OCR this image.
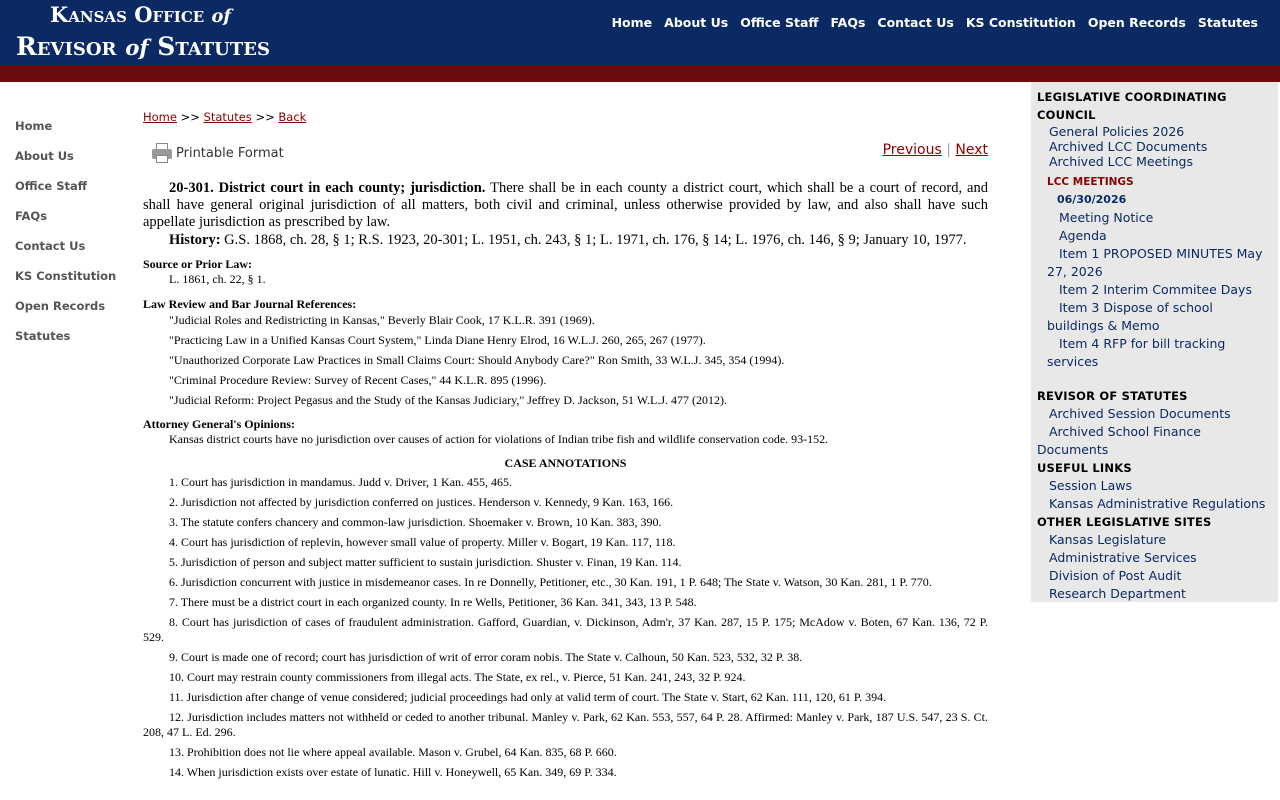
Kansas Office of
Revisor of Statutes
Home About Us Office Staff FAQs Contact Us KS Constitution Open Records Statutes
Home
About Us
Office Staff
FAQs
Contact Us
KS Constitution
Open Records
Statutes
Home >> Statutes >> Back
Printable Format	Previous | Next

20-301. District court in each county; jurisdiction. There shall be in each county a district court, which shall be a court of record, and shall have general original jurisdiction of all matters, both civil and criminal, unless otherwise provided by law, and also shall have such appellate jurisdiction as prescribed by law.

History: G.S. 1868, ch. 28, § 1; R.S. 1923, 20-301; L. 1951, ch. 243, § 1; L. 1971, ch. 176, § 14; L. 1976, ch. 146, § 9; January 10, 1977.

Source or Prior Law:
L. 1861, ch. 22, § 1.
Law Review and Bar Journal References:
"Judicial Roles and Redistricting in Kansas," Beverly Blair Cook, 17 K.L.R. 391 (1969).
"Practicing Law in a Unified Kansas Court System," Linda Diane Henry Elrod, 16 W.L.J. 260, 265, 267 (1977).
"Unauthorized Corporate Law Practices in Small Claims Court: Should Anybody Care?" Ron Smith, 33 W.L.J. 345, 354 (1994).
"Criminal Procedure Review: Survey of Recent Cases," 44 K.L.R. 895 (1996).
"Judicial Reform: Project Pegasus and the Study of the Kansas Judiciary," Jeffrey D. Jackson, 51 W.L.J. 477 (2012).
Attorney General's Opinions:
Kansas district courts have no jurisdiction over causes of action for violations of Indian tribe fish and wildlife conservation code. 93-152.
CASE ANNOTATIONS
1. Court has jurisdiction in mandamus. Judd v. Driver, 1 Kan. 455, 465.
2. Jurisdiction not affected by jurisdiction conferred on justices. Henderson v. Kennedy, 9 Kan. 163, 166.
3. The statute confers chancery and common-law jurisdiction. Shoemaker v. Brown, 10 Kan. 383, 390.
4. Court has jurisdiction of replevin, however small value of property. Miller v. Bogart, 19 Kan. 117, 118.
5. Jurisdiction of person and subject matter sufficient to sustain jurisdiction. Shuster v. Finan, 19 Kan. 114.
6. Jurisdiction concurrent with justice in misdemeanor cases. In re Donnelly, Petitioner, etc., 30 Kan. 191, 1 P. 648; The State v. Watson, 30 Kan. 281, 1 P. 770.
7. There must be a district court in each organized county. In re Wells, Petitioner, 36 Kan. 341, 343, 13 P. 548.
8. Court has jurisdiction of cases of fraudulent administration. Gafford, Guardian, v. Dickinson, Adm'r, 37 Kan. 287, 15 P. 175; McAdow v. Boten, 67 Kan. 136, 72 P. 529.
9. Court is made one of record; court has jurisdiction of writ of error coram nobis. The State v. Calhoun, 50 Kan. 523, 532, 32 P. 38.
10. Court may restrain county commissioners from illegal acts. The State, ex rel., v. Pierce, 51 Kan. 241, 243, 32 P. 924.
11. Jurisdiction after change of venue considered; judicial proceedings had only at valid term of court. The State v. Start, 62 Kan. 111, 120, 61 P. 394.
12. Jurisdiction includes matters not withheld or ceded to another tribunal. Manley v. Park, 62 Kan. 553, 557, 64 P. 28. Affirmed: Manley v. Park, 187 U.S. 547, 23 S. Ct. 208, 47 L. Ed. 296.
13. Prohibition does not lie where appeal available. Mason v. Grubel, 64 Kan. 835, 68 P. 660.
14. When jurisdiction exists over estate of lunatic. Hill v. Honeywell, 65 Kan. 349, 69 P. 334.
LEGISLATIVE COORDINATING COUNCIL
General Policies 2026
Archived LCC Documents
Archived LCC Meetings
LCC MEETINGS
06/30/2026
Meeting Notice
Agenda
Item 1 PROPOSED MINUTES May 27, 2026
Item 2 Interim Commitee Days
Item 3 Dispose of school buildings & Memo
Item 4 RFP for bill tracking services
REVISOR OF STATUTES
Archived Session Documents
Archived School Finance Documents
USEFUL LINKS
Session Laws
Kansas Administrative Regulations
OTHER LEGISLATIVE SITES
Kansas Legislature
Administrative Services
Division of Post Audit
Research Department
